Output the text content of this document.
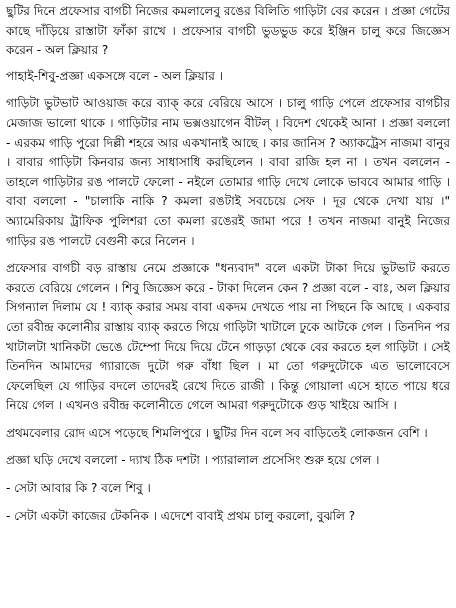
ছুটির দিনে প্রফেসার বাগচী নিজের কমলালেবু রঙের বিলিতি গাড়িটা বের করেন । প্রজ্ঞা গেটের কাছে দাঁড়িয়ে রাস্তাটা ফাঁকা রাখে । প্রফেসার বাগচী ভুডভুড করে ইঞ্জিন চালু করে জিজ্ঞেস করেন - অল ক্লিয়ার ?

পাহাই-শিবু-প্রজ্ঞা একসঙ্গে বলে - অল ক্লিয়ার ।

গাড়িটা ভুটভাট আওয়াজ করে ব্যাক্ করে বেরিয়ে আসে । চালু গাড়ি পেলে প্রফেসার বাগচীর মেজাজ ভালো থাকে । গাড়িটার নাম ভক্সওয়াগেন বীটল্ । বিদেশ থেকেই আনা । প্রজ্ঞা বললো - এরকম গাড়ি পুরো দিল্লী শহরে আর একখানাই আছে । কার জানিস ? অ্যাকট্রেস নাজমা বানুর । বাবার গাড়িটা কিনবার জন্য সাধাসাধি করছিলেন । বাবা রাজি হল না । তখন বললেন - তাহলে গাড়িটার রঙ পালটে ফেলো - নইলে তোমার গাড়ি দেখে লোকে ভাববে আমার গাড়ি । বাবা বললো - "চালাকি নাকি ? কমলা রঙটাই সবচেয়ে সেফ । দূর থেকে দেখা যায় ।" অ্যামেরিকায় ট্রাফিক পুলিশরা তো কমলা রঙেরই জামা পরে ! তখন নাজমা বানুই নিজের গাড়ির রঙ পালটে বেগুনী করে নিলেন ।

প্রফেসার বাগচী বড় রাস্তায় নেমে প্রজ্ঞাকে "ধন্যবাদ" বলে একটা টাকা দিয়ে ভুটভাট করতে করতে বেরিয়ে গেলেন । শিবু জিজ্ঞেস করে - টাকা দিলেন কেন ? প্রজ্ঞা বলে - বাঃ, অল ক্লিয়ার সিগন্যাল দিলাম যে ! ব্যাক্ করার সময় বাবা একদম দেখতে পায় না পিছনে কি আছে । একবার তো রবীন্দ্র কলোনীর রাস্তায় ব্যাক্ করতে গিয়ে গাড়িটা খাটালে ঢুকে আটকে গেল । তিনদিন পর খাটালটা খানিকটা ভেঙে টেম্পো দিয়ে দিয়ে টেনে গাড়ড়া থেকে বের করতে হল গাড়িটা । সেই তিনদিন আমাদের গ্যারাজে দুটো গরু বাঁধা ছিল । মা তো গরুদুটোকে এত ভালোবেসে ফেলেছিল যে গাড়ির বদলে তাদেরই রেখে দিতে রাজী । কিন্তু গোয়ালা এসে হাতে পায়ে ধরে নিয়ে গেল । এখনও রবীন্দ্র কলোনীতে গেলে আমরা গরুদুটোকে গুড় খাইয়ে আসি ।

প্রথমবেলার রোদ এসে পড়েছে শিমলিপুরে । ছুটির দিন বলে সব বাড়িতেই লোকজন বেশি ।

প্রজ্ঞা ঘড়ি দেখে বললো - দ্যাখ ঠিক দশটা । প্যারালাল প্রসেসিং শুরু হয়ে গেল ।

- সেটা আবার কি ? বলে শিবু ।

- সেটা একটা কাজের টেকনিক । এদেশে বাবাই প্রথম চালু করলো, বুঝলি ?
